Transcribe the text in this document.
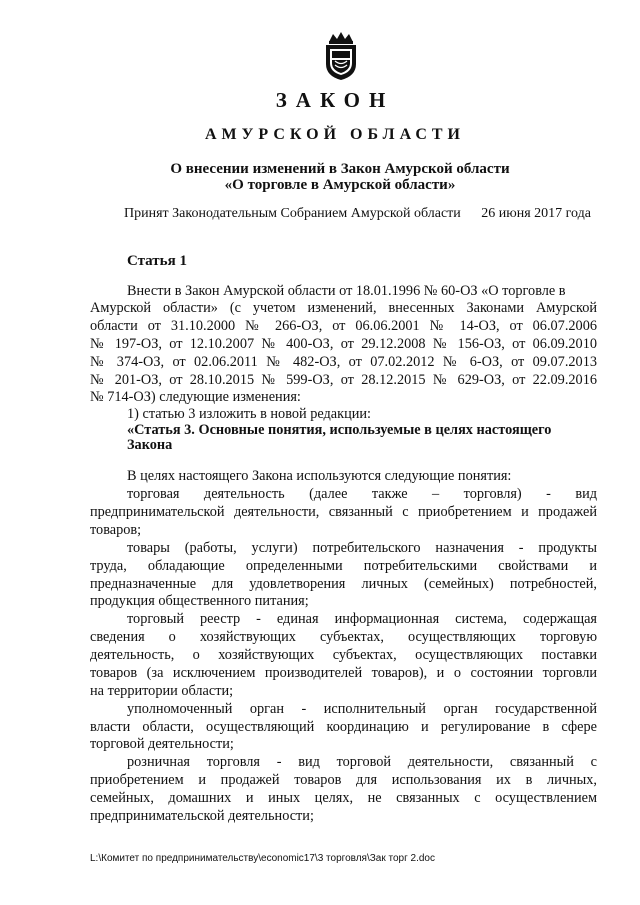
ЗАКОН
АМУРСКОЙ ОБЛАСТИ
О внесении изменений в Закон Амурской области
«О торговле в Амурской области»
Принят Законодательным Собранием Амурской области 26 июня 2017 года
Статья 1
Внести в Закон Амурской области от 18.01.1996 № 60-ОЗ «О торговле в
Амурской области» (с учетом изменений, внесенных Законами Амурской
области от 31.10.2000 № 266-ОЗ, от 06.06.2001 № 14-ОЗ, от 06.07.2006
№ 197-ОЗ, от 12.10.2007 № 400-ОЗ, от 29.12.2008 № 156-ОЗ, от 06.09.2010
№ 374-ОЗ, от 02.06.2011 № 482-ОЗ, от 07.02.2012 № 6-ОЗ, от 09.07.2013
№ 201-ОЗ, от 28.10.2015 № 599-ОЗ, от 28.12.2015 № 629-ОЗ, от 22.09.2016
№ 714-ОЗ) следующие изменения:
1) статью 3 изложить в новой редакции:
«Статья 3. Основные понятия, используемые в целях настоящего
Закона
В целях настоящего Закона используются следующие понятия:
торговая деятельность (далее также – торговля) - вид
предпринимательской деятельности, связанный с приобретением и продажей
товаров;
товары (работы, услуги) потребительского назначения - продукты
труда, обладающие определенными потребительскими свойствами и
предназначенные для удовлетворения личных (семейных) потребностей,
продукция общественного питания;
торговый реестр - единая информационная система, содержащая
сведения о хозяйствующих субъектах, осуществляющих торговую
деятельность, о хозяйствующих субъектах, осуществляющих поставки
товаров (за исключением производителей товаров), и о состоянии торговли
на территории области;
уполномоченный орган - исполнительный орган государственной
власти области, осуществляющий координацию и регулирование в сфере
торговой деятельности;
розничная торговля - вид торговой деятельности, связанный с
приобретением и продажей товаров для использования их в личных,
семейных, домашних и иных целях, не связанных с осуществлением
предпринимательской деятельности;
L:\Комитет по предпринимательству\economic17\3 торговля\Зак торг 2.doc
